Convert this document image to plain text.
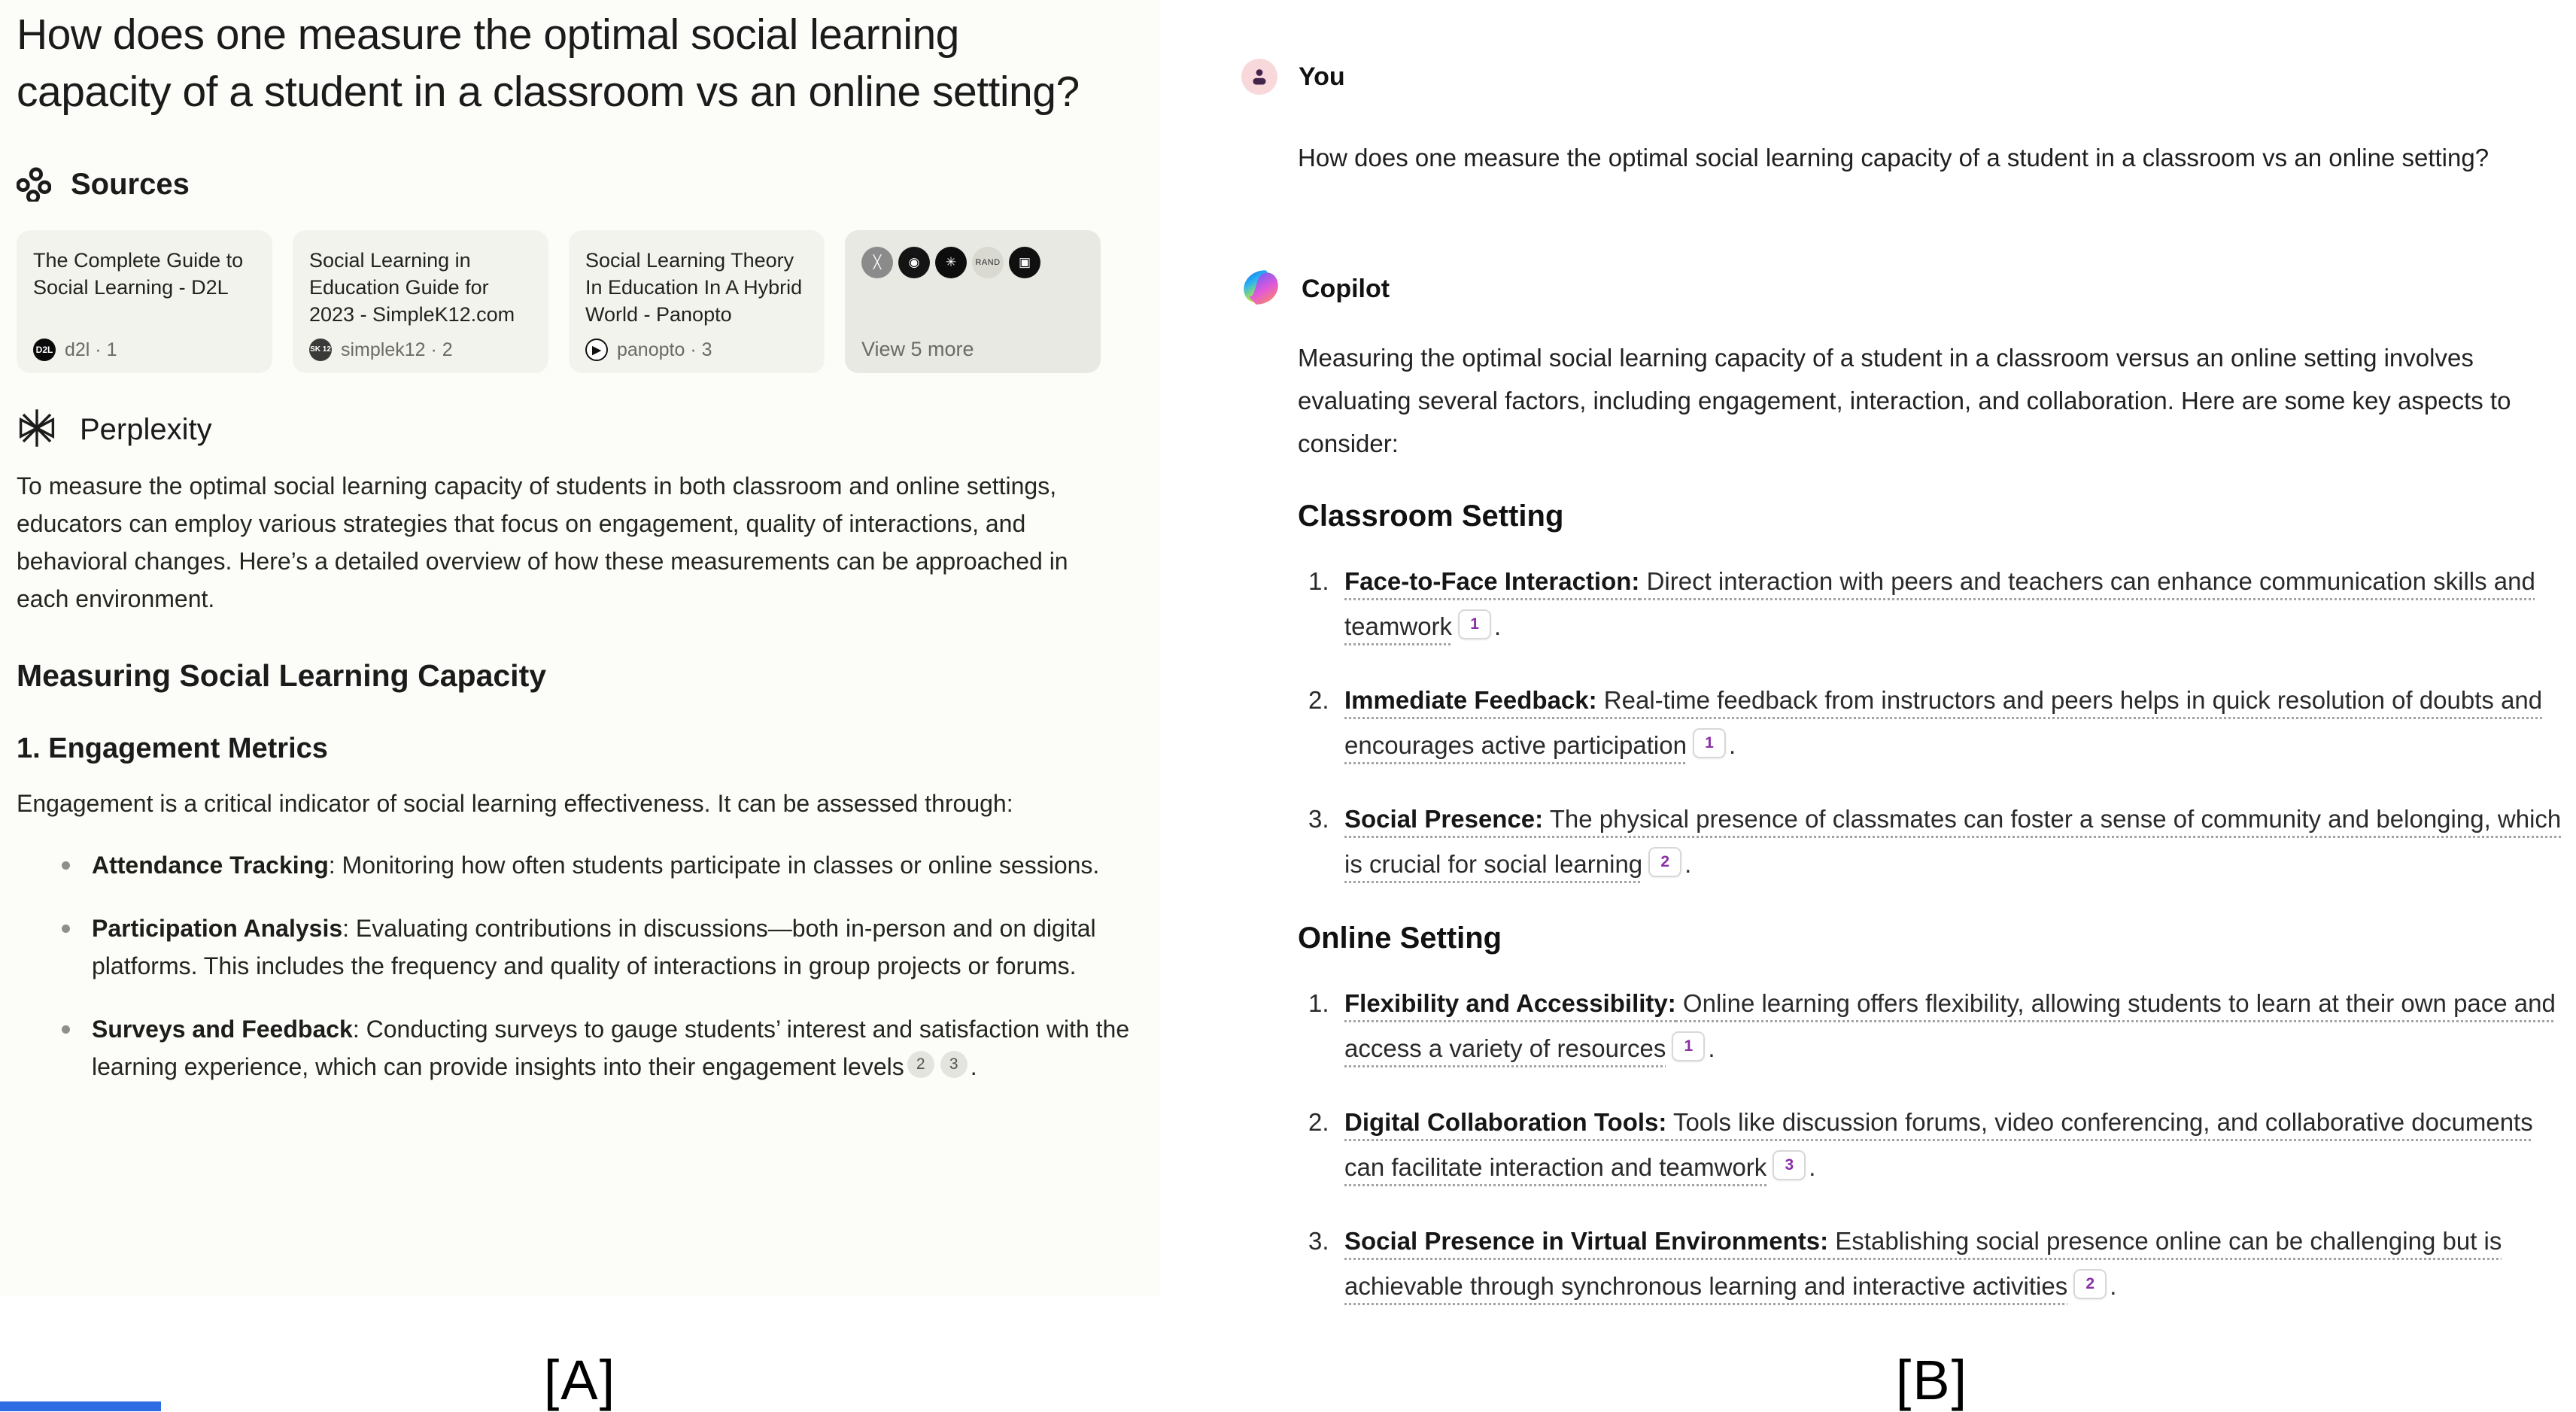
How does one measure the optimal social learning capacity of a student in a classroom vs an online setting?
Sources
The Complete Guide to Social Learning - D2L
D2L d2l · 1
Social Learning in Education Guide for 2023 - SimpleK12.com
SK 12 simplek12 · 2
Social Learning Theory In Education In A Hybrid World - Panopto
▶ panopto · 3
╳	◉	✳	RAND	▣
View 5 more
Perplexity
To measure the optimal social learning capacity of students in both classroom and online settings, educators can employ various strategies that focus on engagement, quality of interactions, and behavioral changes. Here’s a detailed overview of how these measurements can be approached in each environment.
Measuring Social Learning Capacity
1. Engagement Metrics
Engagement is a critical indicator of social learning effectiveness. It can be assessed through:
Attendance Tracking: Monitoring how often students participate in classes or online sessions.
Participation Analysis: Evaluating contributions in discussions—both in-person and on digital platforms. This includes the frequency and quality of interactions in group projects or forums.
Surveys and Feedback: Conducting surveys to gauge students’ interest and satisfaction with the learning experience, which can provide insights into their engagement levels 2 3 .
You
How does one measure the optimal social learning capacity of a student in a classroom vs an online setting?
Copilot
Measuring the optimal social learning capacity of a student in a classroom versus an online setting involves evaluating several factors, including engagement, interaction, and collaboration. Here are some key aspects to consider:
Classroom Setting
1. Face-to-Face Interaction: Direct interaction with peers and teachers can enhance communication skills and teamwork $^1$ .
2. Immediate Feedback: Real-time feedback from instructors and peers helps in quick resolution of doubts and encourages active participation $^1$ .
3. Social Presence: The physical presence of classmates can foster a sense of community and belonging, which is crucial for social learning $^2$ .
Online Setting
1. Flexibility and Accessibility: Online learning offers flexibility, allowing students to learn at their own pace and access a variety of resources $^1$ .
2. Digital Collaboration Tools: Tools like discussion forums, video conferencing, and collaborative documents can facilitate interaction and teamwork $^3$ .
3. Social Presence in Virtual Environments: Establishing social presence online can be challenging but is achievable through synchronous learning and interactive activities $^2$ .
[A]	[B]
